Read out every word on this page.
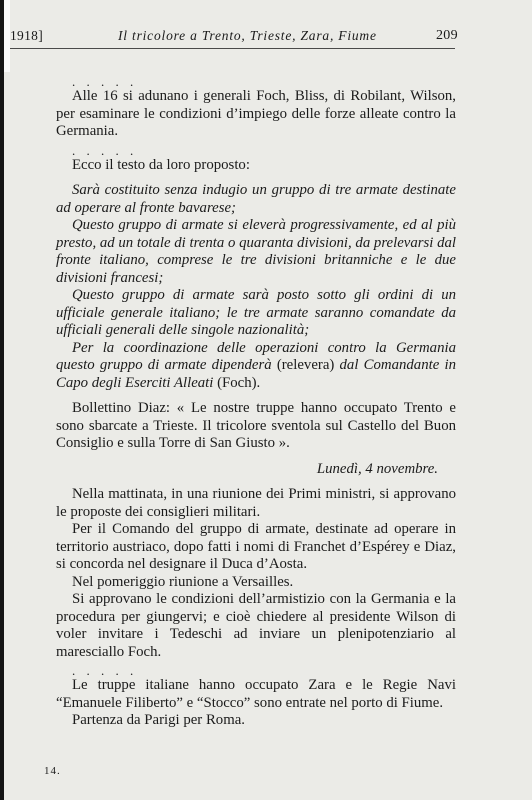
1918]	Il tricolore a Trento, Trieste, Zara, Fiume	209

. . . . .

Alle 16 si adunano i generali Foch, Bliss, di Robilant, Wilson, per esaminare le condizioni d’impiego delle forze alleate contro la Germania.

. . . . .

Ecco il testo da loro proposto:

Sarà costituito senza indugio un gruppo di tre armate destinate ad operare al fronte bavarese;

Questo gruppo di armate si eleverà progressivamente, ed al più presto, ad un totale di trenta o quaranta divisioni, da prelevarsi dal fronte italiano, comprese le tre divisioni britanniche e le due divisioni francesi;

Questo gruppo di armate sarà posto sotto gli ordini di un ufficiale generale italiano; le tre armate saranno comandate da ufficiali generali delle singole nazionalità;

Per la coordinazione delle operazioni contro la Germania questo gruppo di armate dipenderà (relevera) dal Comandante in Capo degli Eserciti Alleati (Foch).

Bollettino Diaz: « Le nostre truppe hanno occupato Trento e sono sbarcate a Trieste. Il tricolore sventola sul Castello del Buon Consiglio e sulla Torre di San Giusto ».

Lunedì, 4 novembre.

Nella mattinata, in una riunione dei Primi ministri, si approvano le proposte dei consiglieri militari.

Per il Comando del gruppo di armate, destinate ad operare in territorio austriaco, dopo fatti i nomi di Franchet d’Espérey e Diaz, si concorda nel designare il Duca d’Aosta.

Nel pomeriggio riunione a Versailles.

Si approvano le condizioni dell’armistizio con la Germania e la procedura per giungervi; e cioè chiedere al presidente Wilson di voler invitare i Tedeschi ad inviare un plenipotenziario al maresciallo Foch.

. . . . .

Le truppe italiane hanno occupato Zara e le Regie Navi “Emanuele Filiberto” e “Stocco” sono entrate nel porto di Fiume.

Partenza da Parigi per Roma.

14.
